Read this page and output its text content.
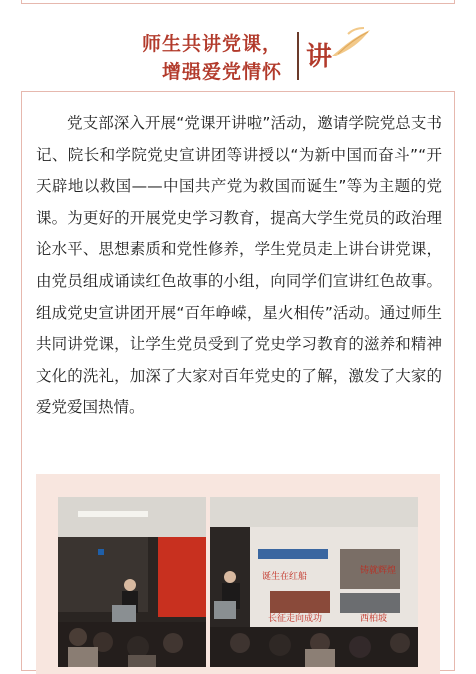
师生共讲党课，
增强爱党情怀 讲

党支部深入开展“党课开讲啦”活动，邀请学院党总支书记、院长和学院党史宣讲团等讲授以“为新中国而奋斗”“开天辟地以救国——中国共产党为救国而诞生”等为主题的党课。为更好的开展党史学习教育，提高大学生党员的政治理论水平、思想素质和党性修养，学生党员走上讲台讲党课，由党员组成诵读红色故事的小组，向同学们宣讲红色故事。组成党史宣讲团开展“百年峥嵘，星火相传”活动。通过师生共同讲党课，让学生党员受到了党史学习教育的滋养和精神文化的洗礼，加深了大家对百年党史的了解，激发了大家的爱党爱国热情。

诞生在红船
铸就辉煌
长征走向成功	西柏坡
